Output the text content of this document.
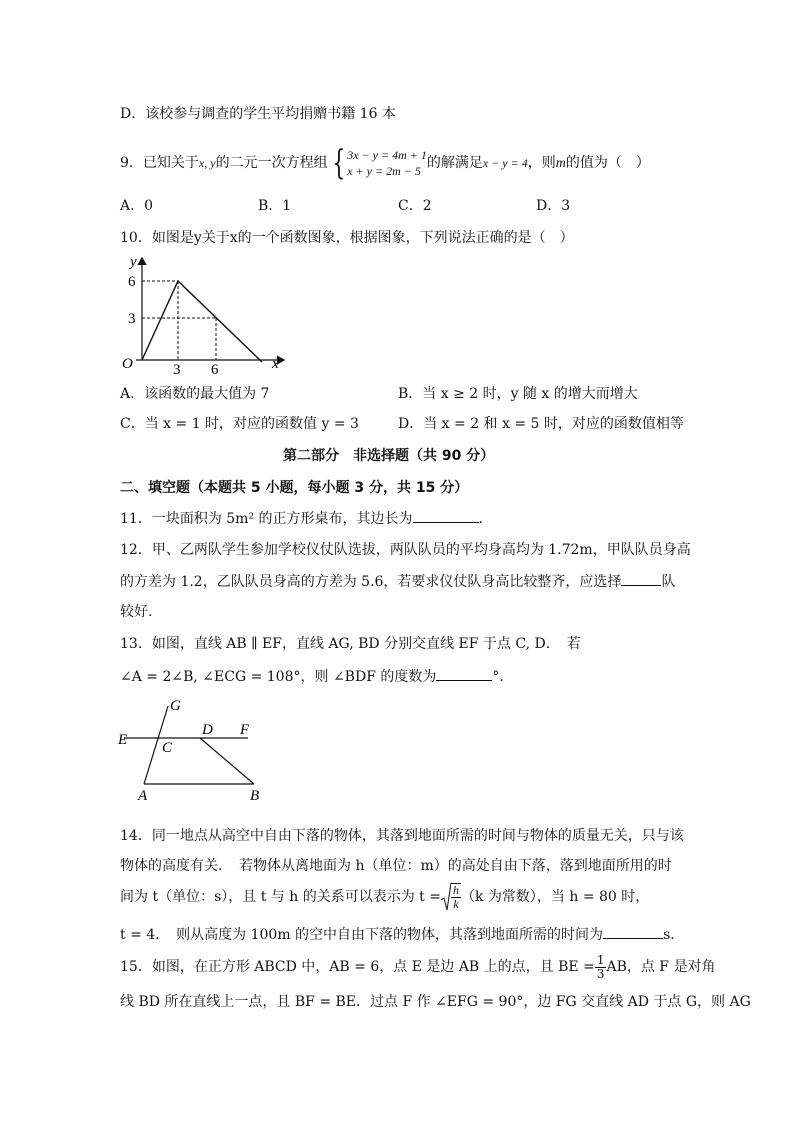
D．该校参与调查的学生平均捐赠书籍 16 本
9．已知关于x, y的二元一次方程组 { 3x − y = 4m + 1
x + y = 2m − 5 的解满足x − y = 4，则m的值为（　）
A．0	B．1	C．2	D．3
10．如图是y关于x的一个函数图象，根据图象，下列说法正确的是（　）
y
x
O
6
3
3 6
A．该函数的最大值为 7	B．当 x ≥ 2 时，y 随 x 的增大而增大
C．当 x = 1 时，对应的函数值 y = 3	D．当 x = 2 和 x = 5 时，对应的函数值相等
第二部分　非选择题（共 90 分）
二、填空题（本题共 5 小题，每小题 3 分，共 15 分）
11．一块面积为 5m² 的正方形桌布，其边长为	.
12．甲、乙两队学生参加学校仪仗队选拔，两队队员的平均身高均为 1.72m，甲队队员身高
的方差为 1.2，乙队队员身高的方差为 5.6，若要求仪仗队身高比较整齐，应选择	队
较好.
13．如图，直线 AB ∥ EF，直线 AG, BD 分别交直线 EF 于点 C, D．　若
∠A = 2∠B, ∠ECG = 108°，则 ∠BDF 的度数为	°.
G
E C
D F
A	B
14．同一地点从高空中自由下落的物体，其落到地面所需的时间与物体的质量无关，只与该
物体的高度有关．　若物体从离地面为 h（单位：m）的高处自由下落，落到地面所用的时
间为 t（单位：s），且 t 与 h 的关系可以表示为 $t = \frac{h}{k} (k$ 为常数），当 h = 80 时，
t = 4．　则从高度为 100m 的空中自由下落的物体，其落到地面所需的时间为	s．
15．如图，在正方形 ABCD 中，AB = 6，点 E 是边 AB 上的点，且 BE = $\frac{1}{3}$ AB，点 F 是对角
线 BD 所在直线上一点，且 BF = BE．过点 F 作 ∠EFG = 90°，边 FG 交直线 AD 于点 G，则 AG
